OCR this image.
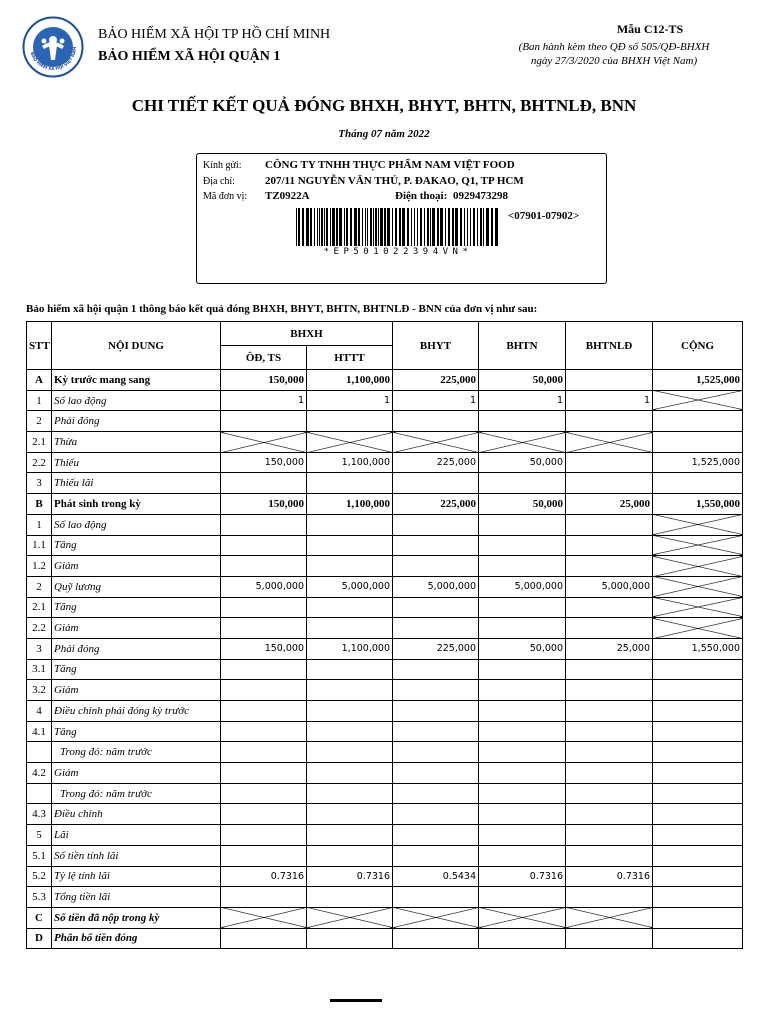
BẢO HIỂM XÃ HỘI VIỆT NAM
BẢO HIỂM XÃ HỘI TP HỒ CHÍ MINH
BẢO HIỂM XÃ HỘI QUẬN 1
Mẫu C12-TS
(Ban hành kèm theo QĐ số 505/QĐ-BHXH
ngày 27/3/2020 của BHXH Việt Nam)
CHI TIẾT KẾT QUẢ ĐÓNG BHXH, BHYT, BHTN, BHTNLĐ, BNN
Tháng 07 năm 2022
Kính gửi: CÔNG TY TNHH THỰC PHẨM NAM VIỆT FOOD
Địa chỉ:	207/11 NGUYỄN VĂN THỦ, P. ĐAKAO, Q1, TP HCM
Mã đơn vị: TZ0922A	Điện thoại: 0929473298
<07901-07902>
*EP501022394VN*
Bảo hiểm xã hội quận 1 thông báo kết quả đóng BHXH, BHYT, BHTN, BHTNLĐ - BNN của đơn vị như sau:
STT	NỘI DUNG	BHXH		BHYT	BHTN	BHTNLĐ	CỘNG
		ÔĐ, TS	HTTT				
A	Kỳ trước mang sang	150,000	1,100,000	225,000	50,000		1,525,000
1	Số lao động	1	1	1	1	1	
2	Phải đóng						
2.1	Thừa						
2.2	Thiếu	150,000	1,100,000	225,000	50,000		1,525,000
3	Thiếu lãi						
B	Phát sinh trong kỳ	150,000	1,100,000	225,000	50,000	25,000	1,550,000
1	Số lao động						
1.1	Tăng						
1.2	Giảm						
2	Quỹ lương	5,000,000	5,000,000	5,000,000	5,000,000	5,000,000	
2.1	Tăng						
2.2	Giảm						
3	Phải đóng	150,000	1,100,000	225,000	50,000	25,000	1,550,000
3.1	Tăng						
3.2	Giảm						
4	Điều chỉnh phải đóng kỳ trước						
4.1	Tăng						
	Trong đó: năm trước						
4.2	Giảm						
	Trong đó: năm trước						
4.3	Điều chỉnh						
5	Lãi						
5.1	Số tiền tính lãi						
5.2	Tỷ lệ tính lãi	0.7316	0.7316	0.5434	0.7316	0.7316	
5.3	Tổng tiền lãi						
C	Số tiền đã nộp trong kỳ						
D	Phân bổ tiền đóng						
